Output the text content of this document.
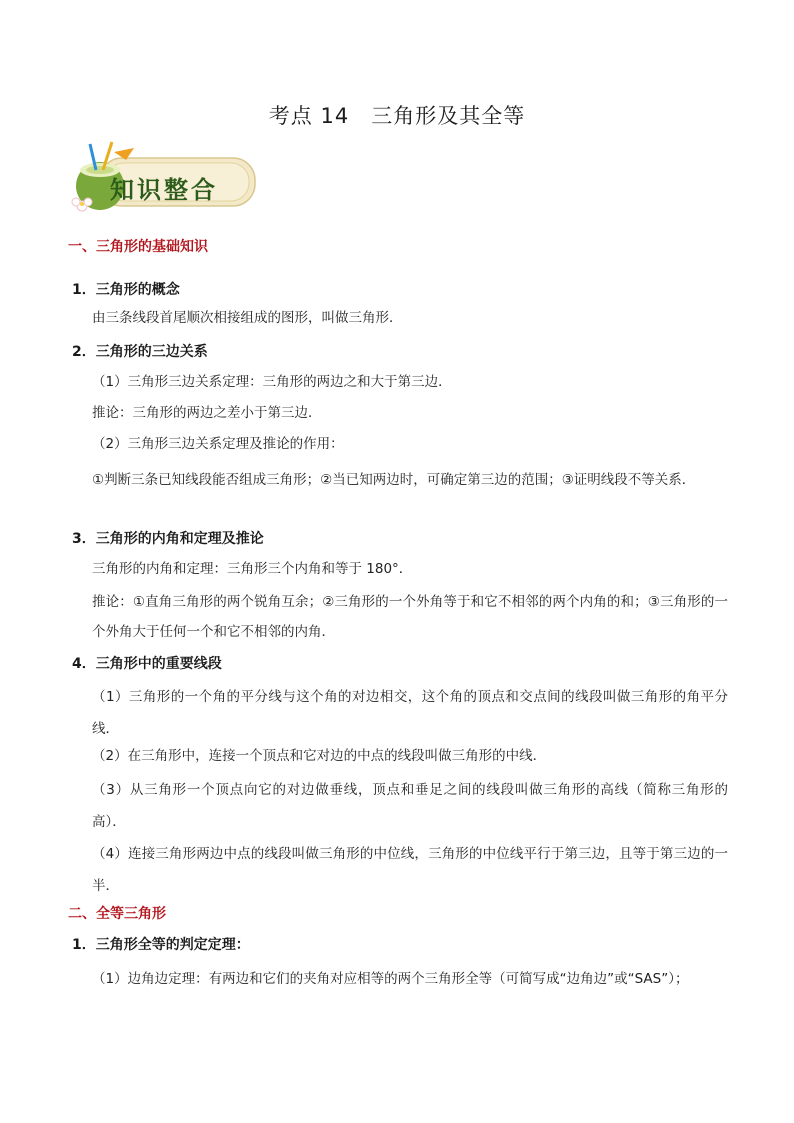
考点 14　三角形及其全等
知识整合
一、三角形的基础知识
1．三角形的概念
由三条线段首尾顺次相接组成的图形，叫做三角形．
2．三角形的三边关系
（1）三角形三边关系定理：三角形的两边之和大于第三边．
推论：三角形的两边之差小于第三边．
（2）三角形三边关系定理及推论的作用：
①判断三条已知线段能否组成三角形；②当已知两边时，可确定第三边的范围；③证明线段不等关系．
3．三角形的内角和定理及推论
三角形的内角和定理：三角形三个内角和等于 180°．
推论：①直角三角形的两个锐角互余；②三角形的一个外角等于和它不相邻的两个内角的和；③三角形的一个外角大于任何一个和它不相邻的内角．
4．三角形中的重要线段
（1）三角形的一个角的平分线与这个角的对边相交，这个角的顶点和交点间的线段叫做三角形的角平分线．
（2）在三角形中，连接一个顶点和它对边的中点的线段叫做三角形的中线．
（3）从三角形一个顶点向它的对边做垂线，顶点和垂足之间的线段叫做三角形的高线（简称三角形的高）．
（4）连接三角形两边中点的线段叫做三角形的中位线，三角形的中位线平行于第三边，且等于第三边的一半．
二、全等三角形
1．三角形全等的判定定理：
（1）边角边定理：有两边和它们的夹角对应相等的两个三角形全等（可简写成“边角边”或“SAS”）；
